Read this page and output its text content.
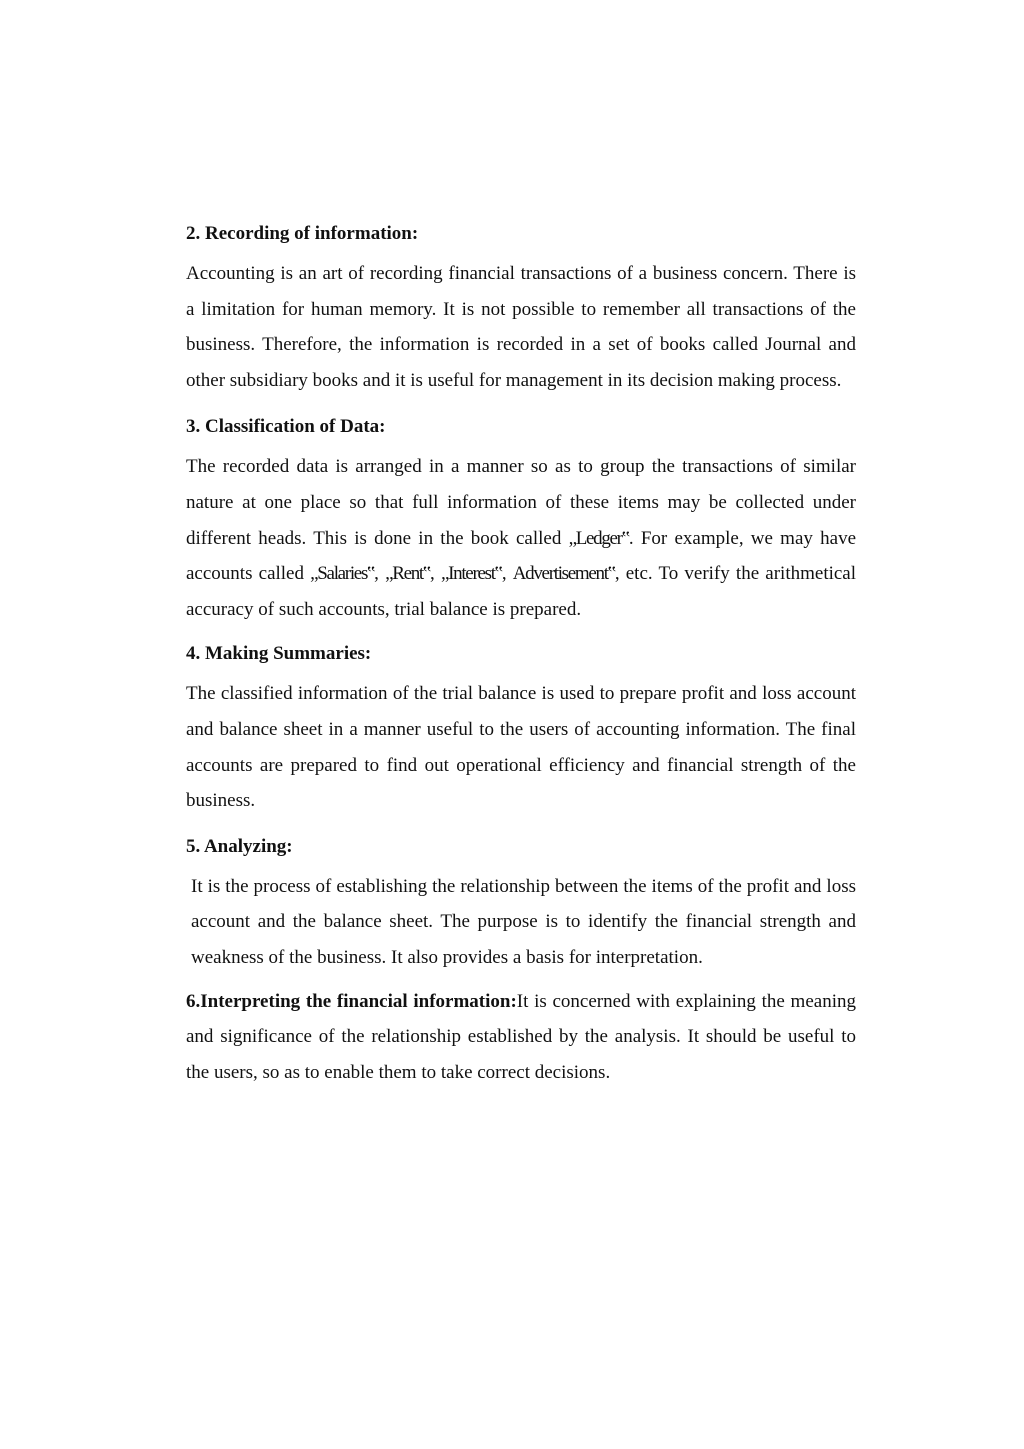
2. Recording of information:

Accounting is an art of recording financial transactions of a business concern. There is a limitation for human memory. It is not possible to remember all transactions of the business. Therefore, the information is recorded in a set of books called Journal and other subsidiary books and it is useful for management in its decision making process.

3. Classification of Data:

The recorded data is arranged in a manner so as to group the transactions of similar nature at one place so that full information of these items may be collected under different heads. This is done in the book called „Ledger‟. For example, we may have accounts called „Salaries‟, „Rent‟, „Interest‟, Advertisement‟, etc. To verify the arithmetical accuracy of such accounts, trial balance is prepared.

4. Making Summaries:

The classified information of the trial balance is used to prepare profit and loss account and balance sheet in a manner useful to the users of accounting information. The final accounts are prepared to find out operational efficiency and financial strength of the business.

5. Analyzing:

It is the process of establishing the relationship between the items of the profit and loss account and the balance sheet. The purpose is to identify the financial strength and weakness of the business. It also provides a basis for interpretation.

6.Interpreting the financial information:It is concerned with explaining the meaning and significance of the relationship established by the analysis. It should be useful to the users, so as to enable them to take correct decisions.
